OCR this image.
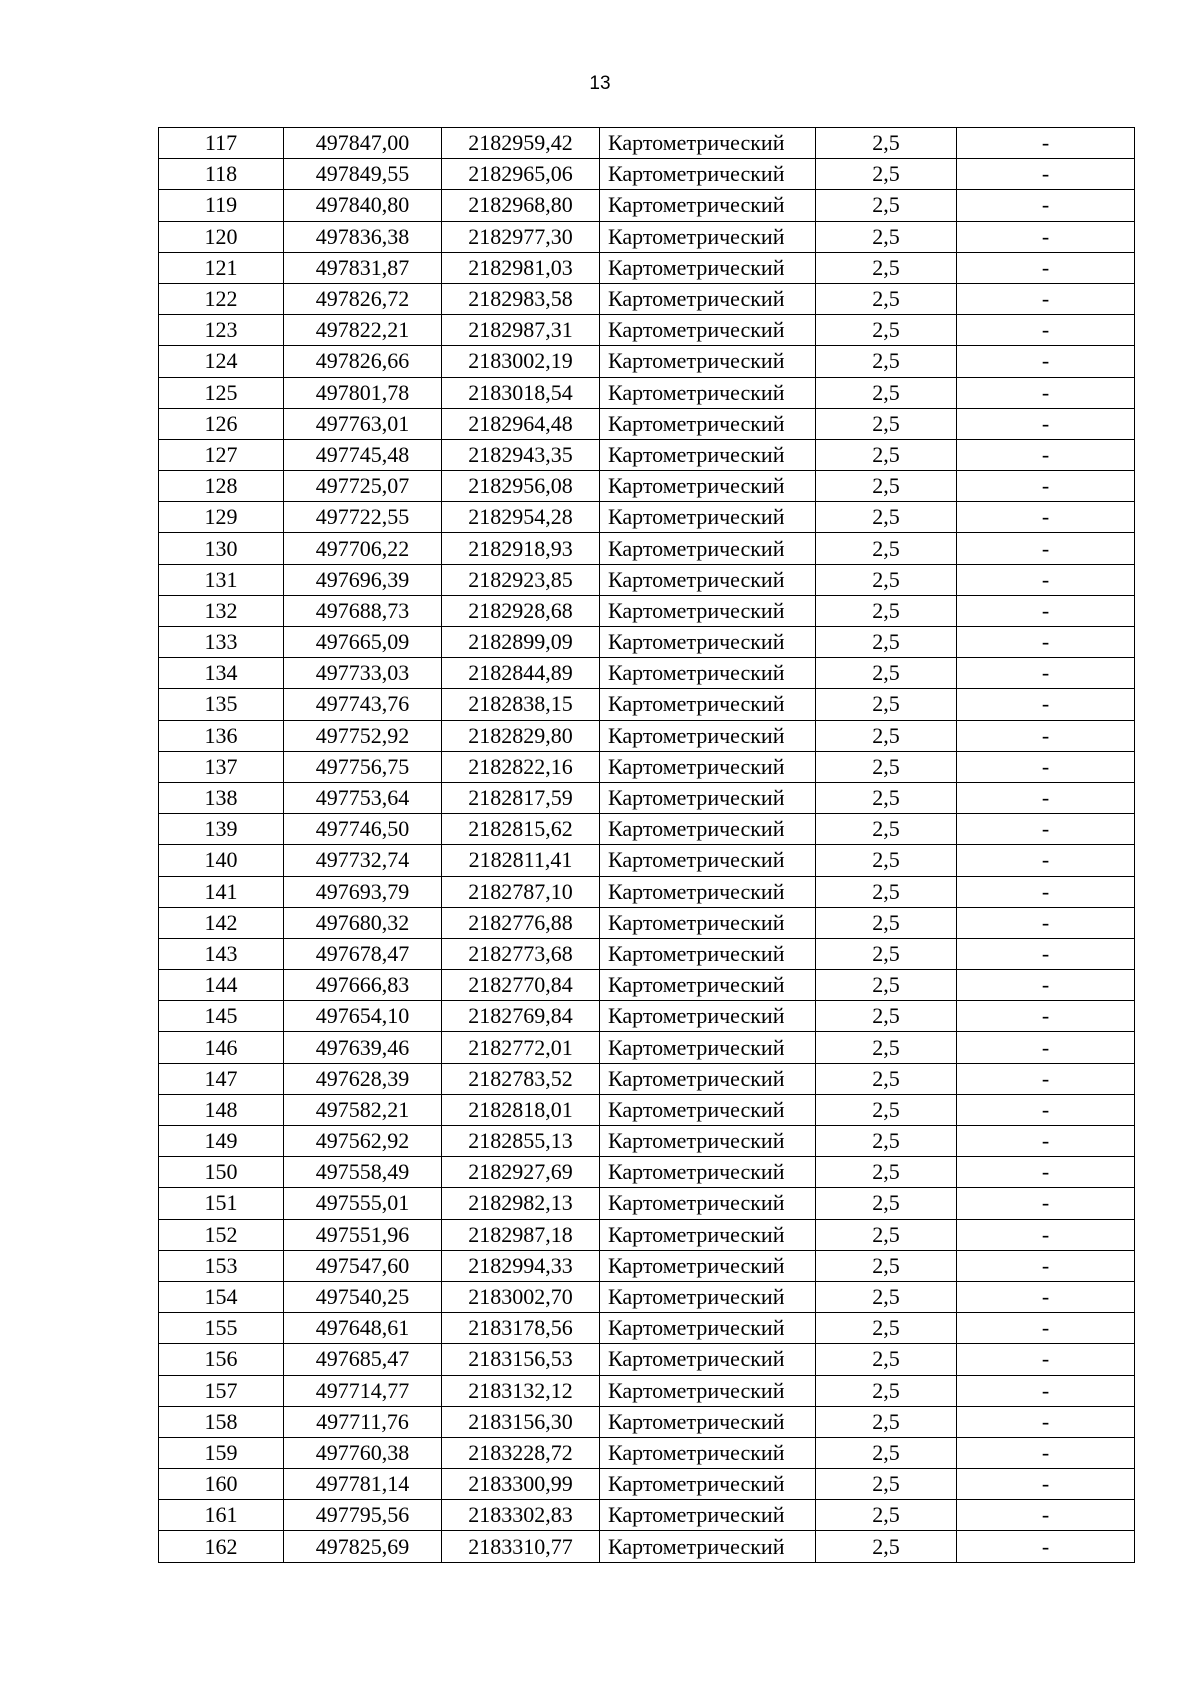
13
117	497847,00	2182959,42	Картометрический	2,5	-
118	497849,55	2182965,06	Картометрический	2,5	-
119	497840,80	2182968,80	Картометрический	2,5	-
120	497836,38	2182977,30	Картометрический	2,5	-
121	497831,87	2182981,03	Картометрический	2,5	-
122	497826,72	2182983,58	Картометрический	2,5	-
123	497822,21	2182987,31	Картометрический	2,5	-
124	497826,66	2183002,19	Картометрический	2,5	-
125	497801,78	2183018,54	Картометрический	2,5	-
126	497763,01	2182964,48	Картометрический	2,5	-
127	497745,48	2182943,35	Картометрический	2,5	-
128	497725,07	2182956,08	Картометрический	2,5	-
129	497722,55	2182954,28	Картометрический	2,5	-
130	497706,22	2182918,93	Картометрический	2,5	-
131	497696,39	2182923,85	Картометрический	2,5	-
132	497688,73	2182928,68	Картометрический	2,5	-
133	497665,09	2182899,09	Картометрический	2,5	-
134	497733,03	2182844,89	Картометрический	2,5	-
135	497743,76	2182838,15	Картометрический	2,5	-
136	497752,92	2182829,80	Картометрический	2,5	-
137	497756,75	2182822,16	Картометрический	2,5	-
138	497753,64	2182817,59	Картометрический	2,5	-
139	497746,50	2182815,62	Картометрический	2,5	-
140	497732,74	2182811,41	Картометрический	2,5	-
141	497693,79	2182787,10	Картометрический	2,5	-
142	497680,32	2182776,88	Картометрический	2,5	-
143	497678,47	2182773,68	Картометрический	2,5	-
144	497666,83	2182770,84	Картометрический	2,5	-
145	497654,10	2182769,84	Картометрический	2,5	-
146	497639,46	2182772,01	Картометрический	2,5	-
147	497628,39	2182783,52	Картометрический	2,5	-
148	497582,21	2182818,01	Картометрический	2,5	-
149	497562,92	2182855,13	Картометрический	2,5	-
150	497558,49	2182927,69	Картометрический	2,5	-
151	497555,01	2182982,13	Картометрический	2,5	-
152	497551,96	2182987,18	Картометрический	2,5	-
153	497547,60	2182994,33	Картометрический	2,5	-
154	497540,25	2183002,70	Картометрический	2,5	-
155	497648,61	2183178,56	Картометрический	2,5	-
156	497685,47	2183156,53	Картометрический	2,5	-
157	497714,77	2183132,12	Картометрический	2,5	-
158	497711,76	2183156,30	Картометрический	2,5	-
159	497760,38	2183228,72	Картометрический	2,5	-
160	497781,14	2183300,99	Картометрический	2,5	-
161	497795,56	2183302,83	Картометрический	2,5	-
162	497825,69	2183310,77	Картометрический	2,5	-
